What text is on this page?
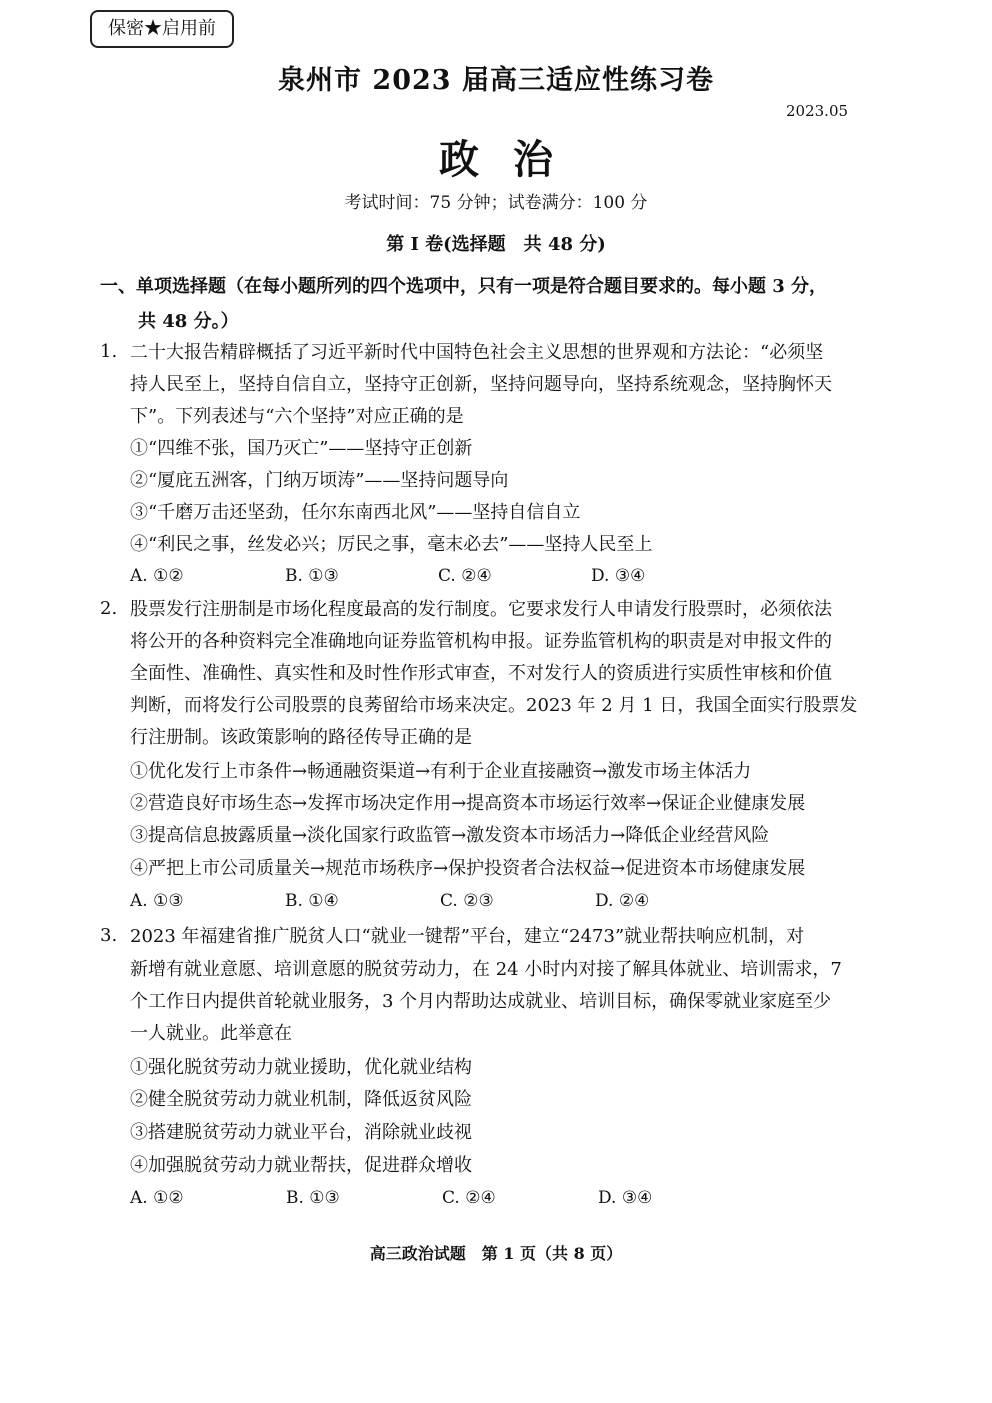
保密★启用前
泉州市 2023 届高三适应性练习卷
2023.05
政治
考试时间：75 分钟；试卷满分：100 分
第 I 卷(选择题　共 48 分)
一、单项选择题（在每小题所列的四个选项中，只有一项是符合题目要求的。每小题 3 分，
共 48 分。）
1. 二十大报告精辟概括了习近平新时代中国特色社会主义思想的世界观和方法论：“必须坚
持人民至上，坚持自信自立，坚持守正创新，坚持问题导向，坚持系统观念，坚持胸怀天
下”。下列表述与“六个坚持”对应正确的是
①“四维不张，国乃灭亡”——坚持守正创新
②“厦庇五洲客，门纳万顷涛”——坚持问题导向
③“千磨万击还坚劲，任尔东南西北风”——坚持自信自立
④“利民之事，丝发必兴；厉民之事，毫末必去”——坚持人民至上
A. ①②	B. ①③	C. ②④	D. ③④
2. 股票发行注册制是市场化程度最高的发行制度。它要求发行人申请发行股票时，必须依法
将公开的各种资料完全准确地向证券监管机构申报。证券监管机构的职责是对申报文件的
全面性、准确性、真实性和及时性作形式审查，不对发行人的资质进行实质性审核和价值
判断，而将发行公司股票的良莠留给市场来决定。2023 年 2 月 1 日，我国全面实行股票发
行注册制。该政策影响的路径传导正确的是
①优化发行上市条件→畅通融资渠道→有利于企业直接融资→激发市场主体活力
②营造良好市场生态→发挥市场决定作用→提高资本市场运行效率→保证企业健康发展
③提高信息披露质量→淡化国家行政监管→激发资本市场活力→降低企业经营风险
④严把上市公司质量关→规范市场秩序→保护投资者合法权益→促进资本市场健康发展
A. ①③	B. ①④	C. ②③	D. ②④
3. 2023 年福建省推广脱贫人口“就业一键帮”平台，建立“2473”就业帮扶响应机制，对
新增有就业意愿、培训意愿的脱贫劳动力，在 24 小时内对接了解具体就业、培训需求，7
个工作日内提供首轮就业服务，3 个月内帮助达成就业、培训目标，确保零就业家庭至少
一人就业。此举意在
①强化脱贫劳动力就业援助，优化就业结构
②健全脱贫劳动力就业机制，降低返贫风险
③搭建脱贫劳动力就业平台，消除就业歧视
④加强脱贫劳动力就业帮扶，促进群众增收
A. ①②	B. ①③	C. ②④	D. ③④
高三政治试题　第 1 页（共 8 页）
